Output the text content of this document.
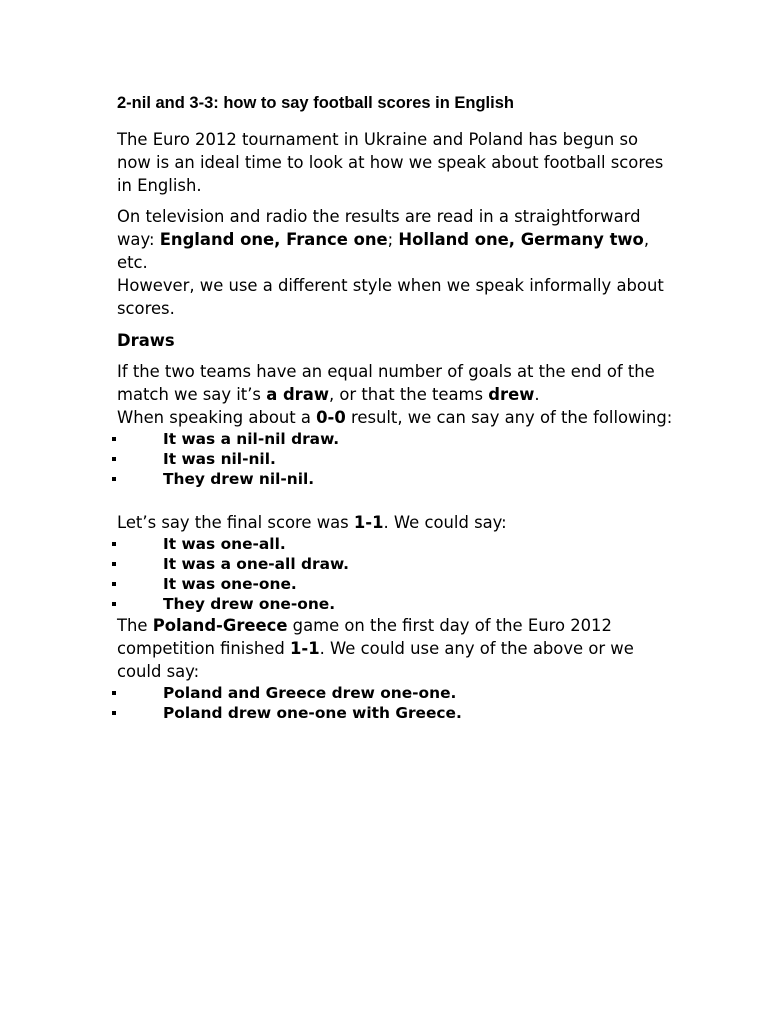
2-nil and 3-3: how to say football scores in English

The Euro 2012 tournament in Ukraine and Poland has begun so now is an ideal time to look at how we speak about football scores in English.

On television and radio the results are read in a straightforward way: England one, France one; Holland one, Germany two, etc.

However, we use a different style when we speak informally about scores.

Draws

If the two teams have an equal number of goals at the end of the match we say it’s a draw, or that the teams drew.

When speaking about a 0-0 result, we can say any of the following:

It was a nil-nil draw.
It was nil-nil.
They drew nil-nil.

Let’s say the final score was 1-1. We could say:

It was one-all.
It was a one-all draw.
It was one-one.
They drew one-one.

The Poland-Greece game on the first day of the Euro 2012 competition finished 1-1. We could use any of the above or we could say:

Poland and Greece drew one-one.
Poland drew one-one with Greece.
